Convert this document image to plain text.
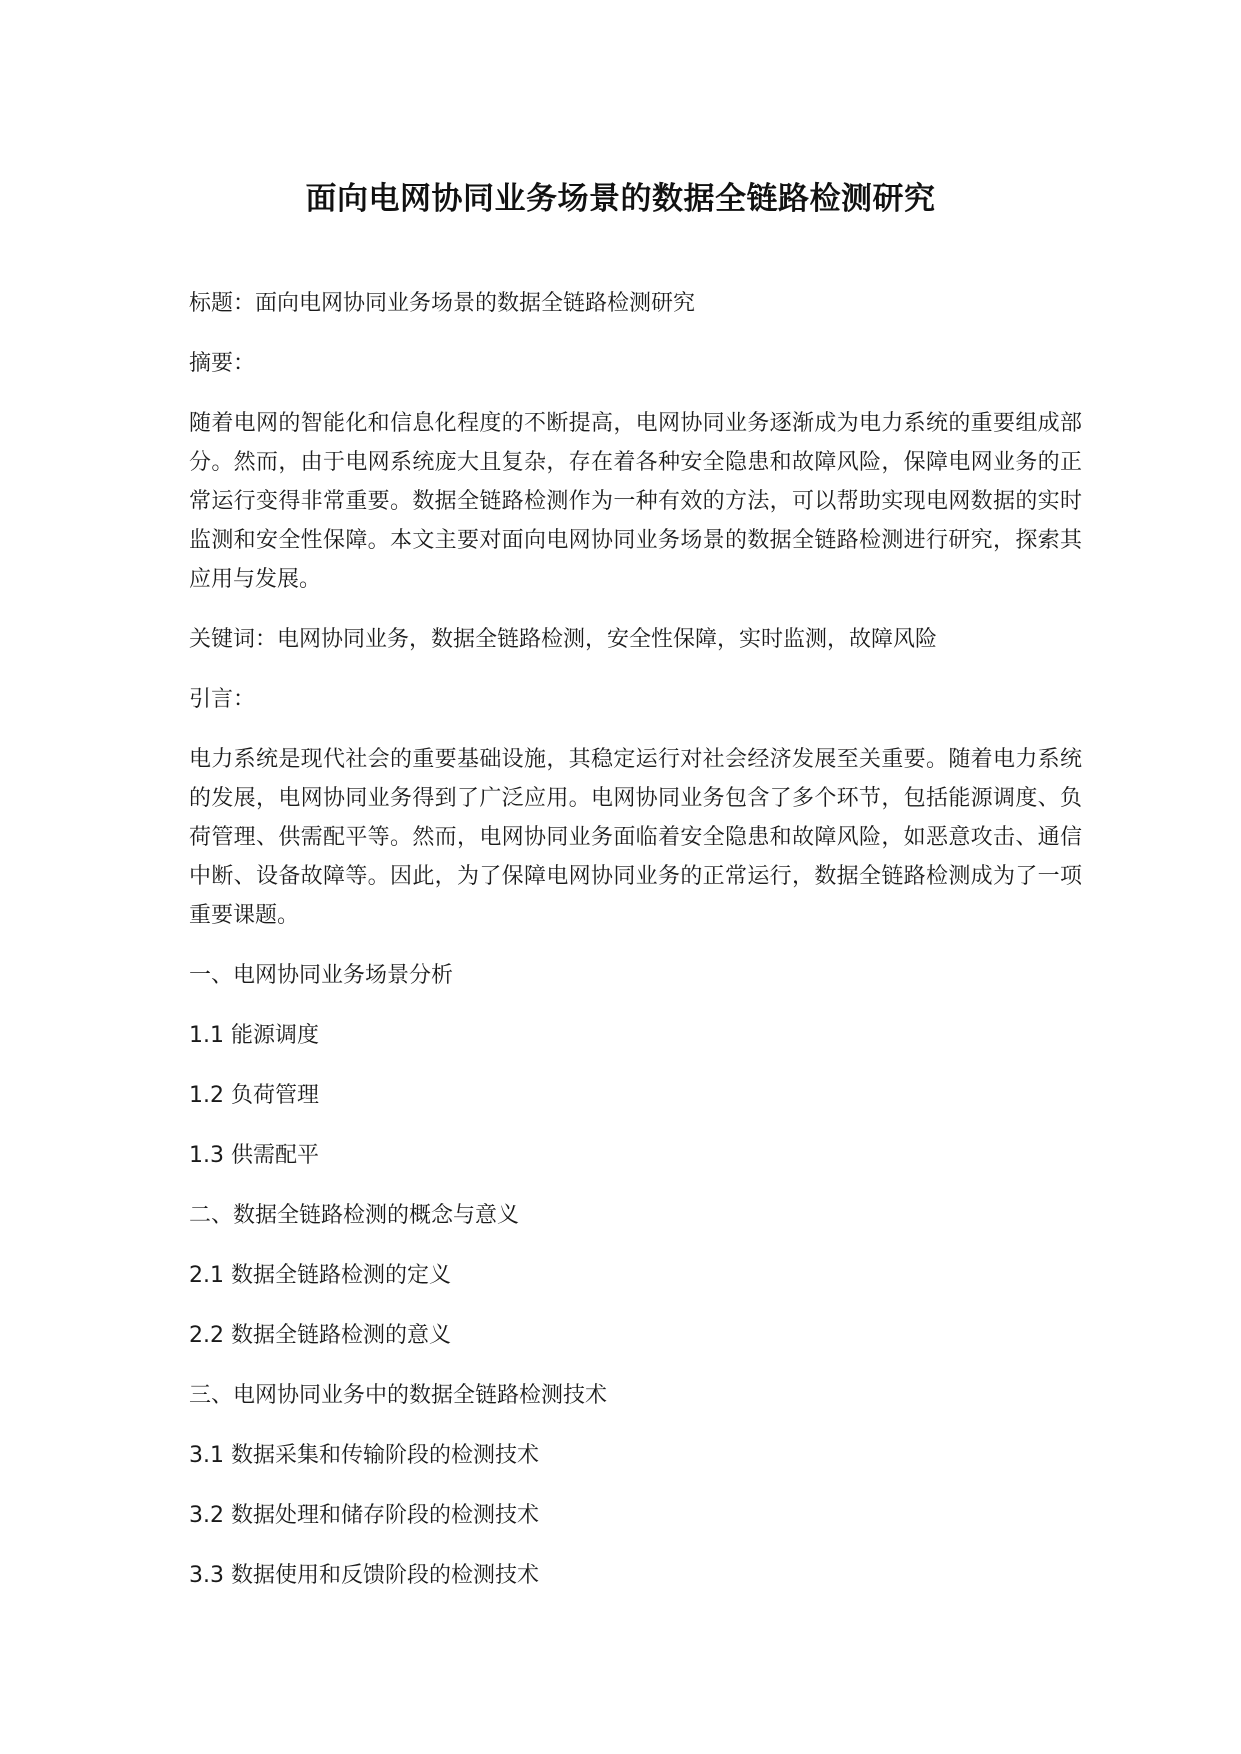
面向电网协同业务场景的数据全链路检测研究

标题：面向电网协同业务场景的数据全链路检测研究

摘要：

随着电网的智能化和信息化程度的不断提高，电网协同业务逐渐成为电力系统的重要组成部分。然而，由于电网系统庞大且复杂，存在着各种安全隐患和故障风险，保障电网业务的正常运行变得非常重要。数据全链路检测作为一种有效的方法，可以帮助实现电网数据的实时监测和安全性保障。本文主要对面向电网协同业务场景的数据全链路检测进行研究，探索其应用与发展。

关键词：电网协同业务，数据全链路检测，安全性保障，实时监测，故障风险

引言：

电力系统是现代社会的重要基础设施，其稳定运行对社会经济发展至关重要。随着电力系统的发展，电网协同业务得到了广泛应用。电网协同业务包含了多个环节，包括能源调度、负荷管理、供需配平等。然而，电网协同业务面临着安全隐患和故障风险，如恶意攻击、通信中断、设备故障等。因此，为了保障电网协同业务的正常运行，数据全链路检测成为了一项重要课题。

一、电网协同业务场景分析

1.1 能源调度

1.2 负荷管理

1.3 供需配平

二、数据全链路检测的概念与意义

2.1 数据全链路检测的定义

2.2 数据全链路检测的意义

三、电网协同业务中的数据全链路检测技术

3.1 数据采集和传输阶段的检测技术

3.2 数据处理和储存阶段的检测技术

3.3 数据使用和反馈阶段的检测技术
